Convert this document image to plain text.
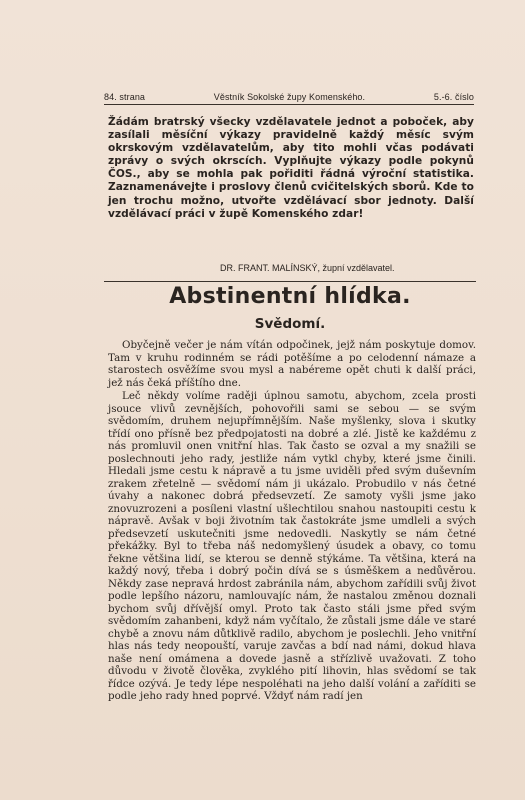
84. strana	Věstník Sokolské župy Komenského.	5.-6. číslo
Žádám bratrský všecky vzdělavatele jednot a poboček, aby zasílali měsíční výkazy pravidelně každý měsíc svým okrskovým vzdělavatelům, aby tito mohli včas podávati zprávy o svých okrscích. Vyplňujte výkazy podle pokynů ČOS., aby se mohla pak pořiditi řádná výroční statistika. Zaznamenávejte i proslovy členů cvičitelských sborů. Kde to jen trochu možno, utvořte vzdělávací sbor jednoty. Další vzdělávací práci v župě Komenského zdar!
DR. FRANT. MALÍNSKÝ, župní vzdělavatel.
Abstinentní hlídka.
Svědomí.

Obyčejně večer je nám vítán odpočinek, jejž nám poskytuje domov. Tam v kruhu rodinném se rádi potěšíme a po celodenní námaze a starostech osvěžíme svou mysl a nabéreme opět chuti k další práci, jež nás čeká příštího dne.

Leč někdy volíme raději úplnou samotu, abychom, zcela prosti jsouce vlivů zevnějších, pohovořili sami se sebou — se svým svědomím, druhem nejupřímnějším. Naše myšlenky, slova i skutky třídí ono přísně bez předpojatosti na dobré a zlé. Jistě ke každému z nás promluvil onen vnitřní hlas. Tak často se ozval a my snažili se poslechnouti jeho rady, jestliže nám vytkl chyby, které jsme činili. Hledali jsme cestu k nápravě a tu jsme uviděli před svým duševním zrakem zřetelně — svědomí nám ji ukázalo. Probudilo v nás četné úvahy a nakonec dobrá předsevzetí. Ze samoty vyšli jsme jako znovuzrozeni a posíleni vlastní ušlechtilou snahou nastoupiti cestu k nápravě. Avšak v boji životním tak častokráte jsme umdleli a svých předsevzetí uskutečniti jsme nedovedli. Naskytly se nám četné překážky. Byl to třeba náš nedomyšlený úsudek a obavy, co tomu řekne většina lidí, se kterou se denně stýkáme. Ta většina, která na každý nový, třeba i dobrý počin dívá se s úsměškem a nedůvěrou. Někdy zase nepravá hrdost zabránila nám, abychom zařídili svůj život podle lepšího názoru, namlouvajíc nám, že nastalou změnou doznali bychom svůj dřívější omyl. Proto tak často stáli jsme před svým svědomím zahanbeni, když nám vyčítalo, že zůstali jsme dále ve staré chybě a znovu nám důtklivě radilo, abychom je poslechli. Jeho vnitřní hlas nás tedy neopouští, varuje zavčas a bdí nad námi, dokud hlava naše není omámena a dovede jasně a střízlivě uvažovati. Z toho důvodu v životě člověka, zvyklého pití lihovin, hlas svědomí se tak řídce ozývá. Je tedy lépe nespoléhati na jeho další volání a zaříditi se podle jeho rady hned poprvé. Vždyť nám radí jen
